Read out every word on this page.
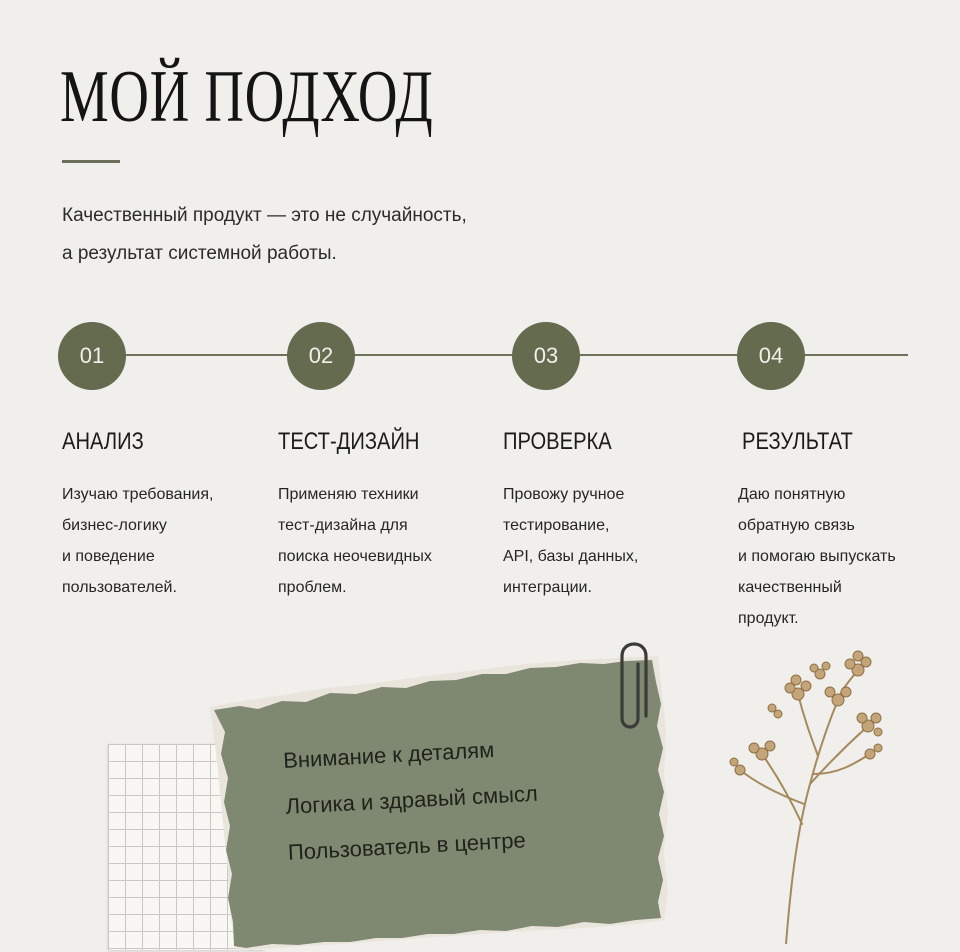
МОЙ ПОДХОД
Качественный продукт — это не случайность,
а результат системной работы.
01
АНАЛИЗ
Изучаю требования,
бизнес-логику
и поведение
пользователей.
02
ТЕСТ-ДИЗАЙН
Применяю техники
тест-дизайна для
поиска неочевидных
проблем.
03
ПРОВЕРКА
Провожу ручное
тестирование,
API, базы данных,
интеграции.
04
РЕЗУЛЬТАТ
Даю понятную
обратную связь
и помогаю выпускать
качественный
продукт.
Внимание к деталям
Логика и здравый смысл
Пользователь в центре
